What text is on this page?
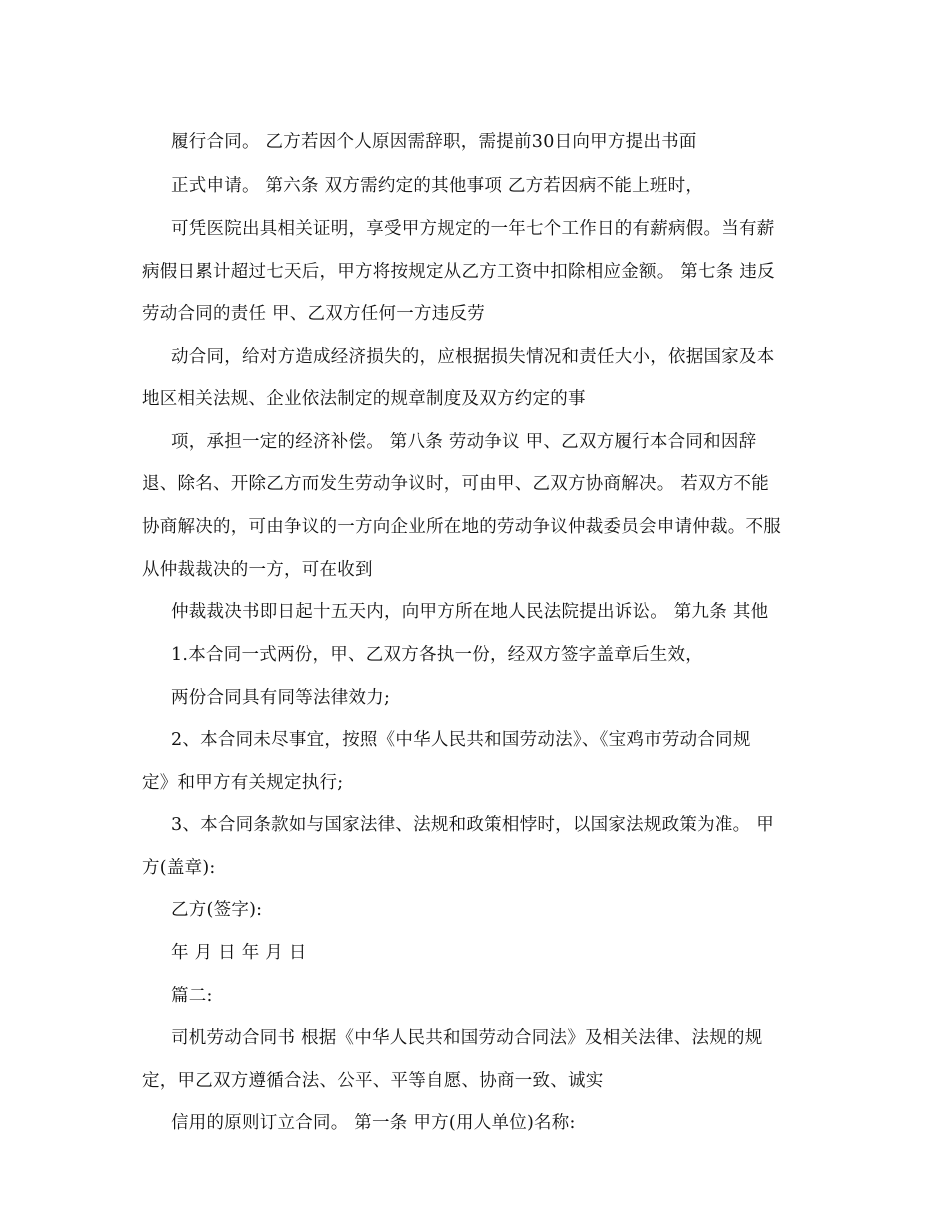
履行合同。 乙方若因个人原因需辞职，需提前30日向甲方提出书面

正式申请。 第六条 双方需约定的其他事项 乙方若因病不能上班时，

可凭医院出具相关证明，享受甲方规定的一年七个工作日的有薪病假。当有薪

病假日累计超过七天后，甲方将按规定从乙方工资中扣除相应金额。 第七条 违反

劳动合同的责任 甲、乙双方任何一方违反劳

动合同，给对方造成经济损失的，应根据损失情况和责任大小，依据国家及本

地区相关法规、企业依法制定的规章制度及双方约定的事

项，承担一定的经济补偿。 第八条 劳动争议 甲、乙双方履行本合同和因辞

退、除名、开除乙方而发生劳动争议时，可由甲、乙双方协商解决。 若双方不能

协商解决的，可由争议的一方向企业所在地的劳动争议仲裁委员会申请仲裁。不服

从仲裁裁决的一方，可在收到

仲裁裁决书即日起十五天内，向甲方所在地人民法院提出诉讼。 第九条 其他

1.本合同一式两份，甲、乙双方各执一份，经双方签字盖章后生效，

两份合同具有同等法律效力;

2、本合同未尽事宜，按照《中华人民共和国劳动法》、《宝鸡市劳动合同规

定》和甲方有关规定执行;

3、本合同条款如与国家法律、法规和政策相悖时，以国家法规政策为准。 甲

方(盖章):

乙方(签字):

年 月 日 年 月 日

篇二:

司机劳动合同书 根据《中华人民共和国劳动合同法》及相关法律、法规的规

定，甲乙双方遵循合法、公平、平等自愿、协商一致、诚实

信用的原则订立合同。 第一条 甲方(用人单位)名称:
